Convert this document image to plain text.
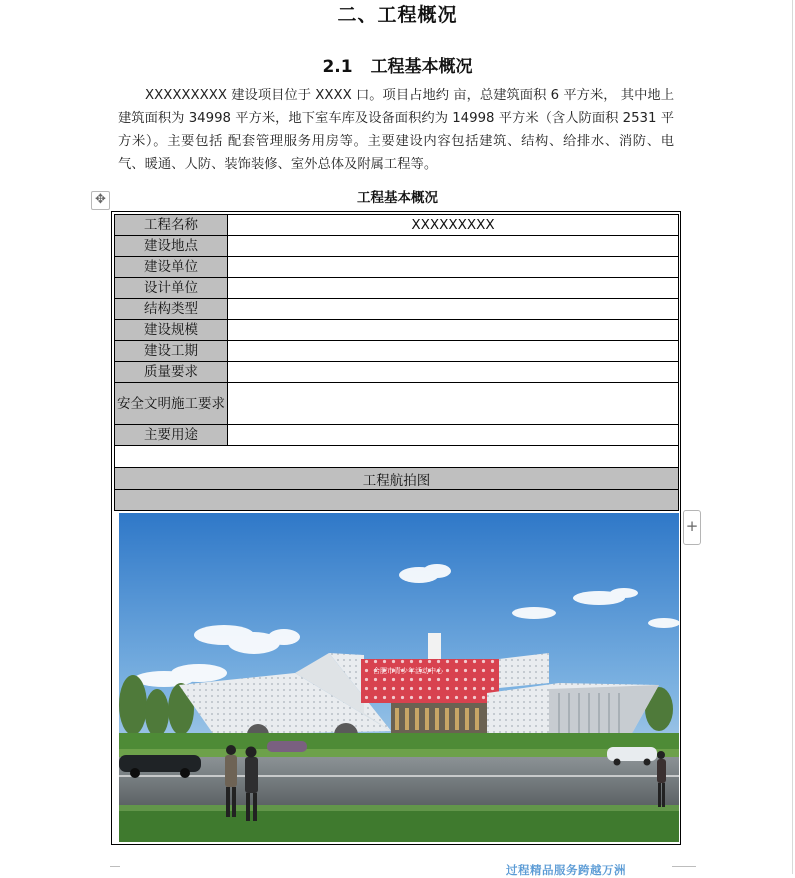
二、工程概况
2.1 工程基本概况
XXXXXXXXX 建设项目位于 XXXX 口。项目占地约 亩，总建筑面积 6 平方米， 其中地上建筑面积为 34998 平方米，地下室车库及设备面积约为 14998 平方米（含人防面积 2531 平方米）。主要包括 配套管理服务用房等。主要建设内容包括建筑、结构、给排水、消防、电气、暖通、人防、装饰装修、室外总体及附属工程等。
✥	工程基本概况
工程名称	XXXXXXXXX
建设地点	
建设单位	
设计单位	
结构类型	
建设规模	
建设工期	
质量要求	
安全文明施工要求	
主要用途	

工程航拍图	

合肥市青少年活动中心
+
过程精品服务跨越万洲
